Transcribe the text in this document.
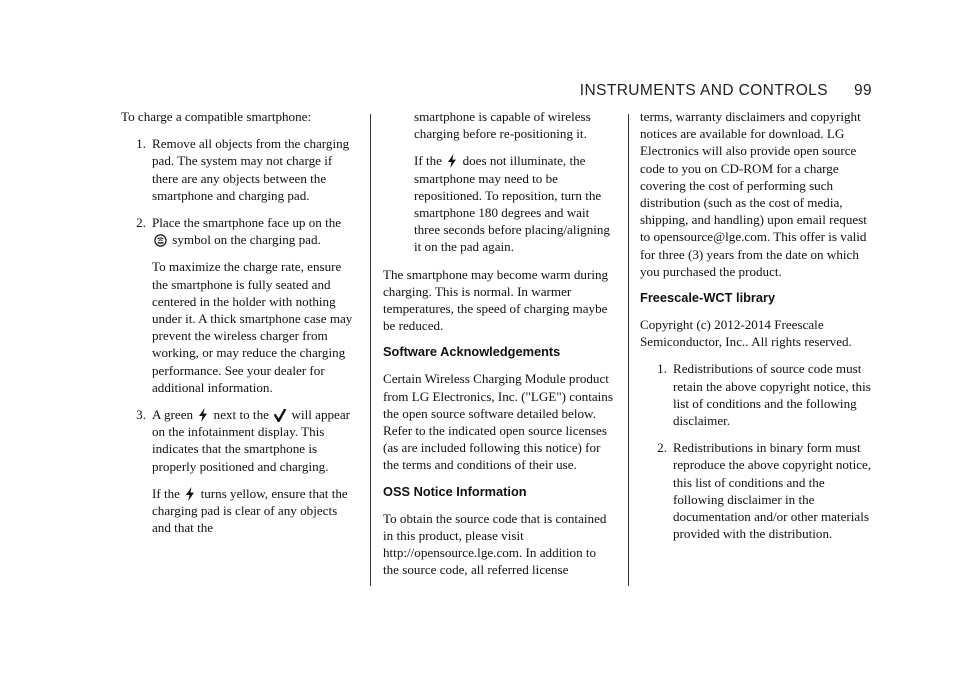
INSTRUMENTS AND CONTROLS 99

To charge a compatible smartphone:

1. Remove all objects from the charging pad. The system may not charge if there are any objects between the smartphone and charging pad.
2. Place the smartphone face up on the
symbol on the charging pad.

To maximize the charge rate, ensure the smartphone is fully seated and centered in the holder with nothing under it. A thick smartphone case may prevent the wireless charger from working, or may reduce the charging performance. See your dealer for additional information.

3. A green next to the will appear on the infotainment display. This indicates that the smartphone is properly positioned and charging.

If the turns yellow, ensure that the charging pad is clear of any objects and that the

smartphone is capable of wireless charging before re-positioning it.

If the does not illuminate, the smartphone may need to be repositioned. To reposition, turn the smartphone 180 degrees and wait three seconds before placing/aligning it on the pad again.

The smartphone may become warm during charging. This is normal. In warmer temperatures, the speed of charging maybe be reduced.

Software Acknowledgements

Certain Wireless Charging Module product from LG Electronics, Inc. ("LGE") contains the open source software detailed below. Refer to the indicated open source licenses (as are included following this notice) for the terms and conditions of their use.

OSS Notice Information

To obtain the source code that is contained in this product, please visit http://opensource.lge.com. In addition to the source code, all referred license

terms, warranty disclaimers and copyright notices are available for download. LG Electronics will also provide open source code to you on CD-ROM for a charge covering the cost of performing such distribution (such as the cost of media, shipping, and handling) upon email request to opensource@lge.com. This offer is valid for three (3) years from the date on which you purchased the product.

Freescale-WCT library

Copyright (c) 2012-2014 Freescale Semiconductor, Inc.. All rights reserved.

1. Redistributions of source code must retain the above copyright notice, this list of conditions and the following disclaimer.
2. Redistributions in binary form must reproduce the above copyright notice, this list of conditions and the following disclaimer in the documentation and/or other materials provided with the distribution.
